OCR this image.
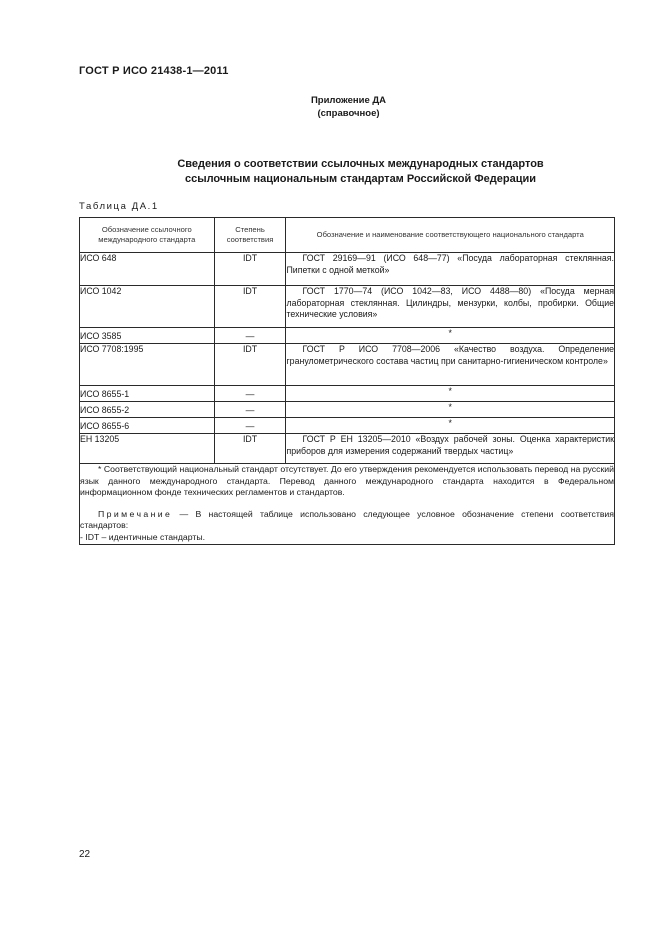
ГОСТ Р ИСО 21438-1—2011
Приложение ДА
(справочное)
Сведения о соответствии ссылочных международных стандартов
ссылочным национальным стандартам Российской Федерации
Таблица ДА.1
Обозначение ссылочного международного стандарта	Степень соответствия	Обозначение и наименование соответствующего национального стандарта

ИСО 648	IDT	ГОСТ 29169—91 (ИСО 648—77) «Посуда лабораторная стеклянная. Пипетки с одной меткой»
ИСО 1042	IDT	ГОСТ 1770—74 (ИСО 1042—83, ИСО 4488—80) «Посуда мерная лабораторная стеклянная. Цилиндры, мензурки, колбы, пробирки. Общие технические условия»
ИСО 3585	—	*
ИСО 7708:1995	IDT	ГОСТ Р ИСО 7708—2006 «Качество воздуха. Определение гранулометрического состава частиц при санитарно-гигиеническом контроле»
ИСО 8655-1	—	*
ИСО 8655-2	—	*
ИСО 8655-6	—	*
ЕН 13205	IDT	ГОСТ Р ЕН 13205—2010 «Воздух рабочей зоны. Оценка характеристик приборов для измерения содержаний твердых частиц»

* Соответствующий национальный стандарт отсутствует. До его утверждения рекомендуется использовать перевод на русский язык данного международного стандарта. Перевод данного международного стандарта находится в Федеральном информационном фонде технических регламентов и стандартов.

Примечание — В настоящей таблице использовано следующее условное обозначение степени соответствия стандартов:

- IDT – идентичные стандарты.		

22
